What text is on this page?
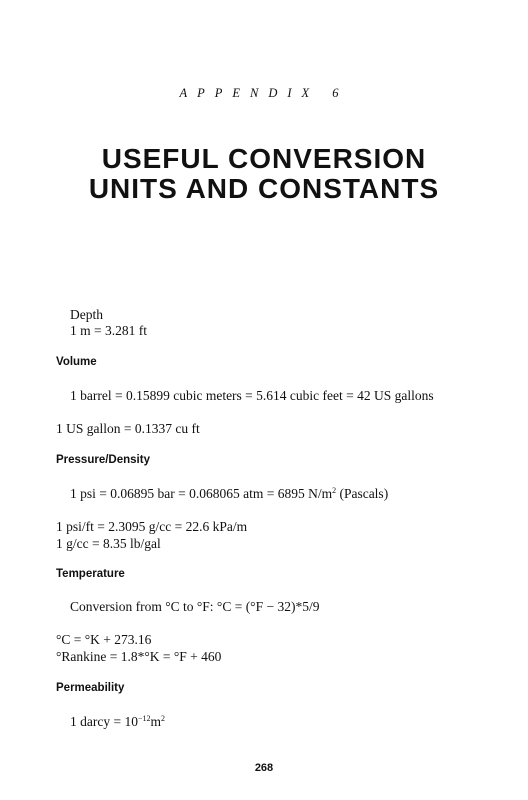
APPENDIX 6
USEFUL CONVERSION
UNITS AND CONSTANTS
Depth
1 m = 3.281 ft
Volume
1 barrel = 0.15899 cubic meters = 5.614 cubic feet = 42 US gallons
1 US gallon = 0.1337 cu ft
Pressure/Density
1 psi = 0.06895 bar = 0.068065 atm = 6895 $N/m^2$ (Pascals)
1 psi/ft = 2.3095 g/cc = 22.6 kPa/m
1 g/cc = 8.35 lb/gal
Temperature
Conversion from °C to °F: °C = (°F − 32)*5/9
°C = °K + 273.16
°Rankine = 1.8*°K = °F + 460
Permeability
1 darcy = $10^{-12}m^2$
268
